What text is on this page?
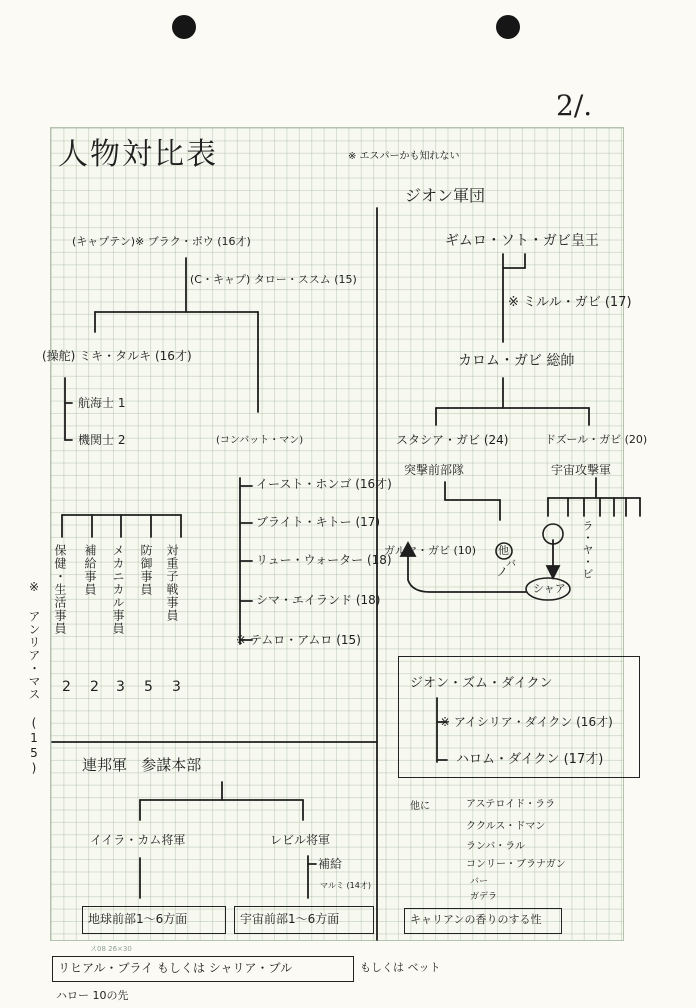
2/.
人物対比表	※ エスパーかも知れない
ジオン軍団
ギムロ・ソト・ガビ皇王
※ ミルル・ガビ (17)
カロム・ガビ 総帥
スタシア・ガビ (24)
突撃前部隊
ドズール・ガビ (20)
宇宙攻撃軍
ガルマ・ガビ (10) 他
ノ
バ	ラ・ヤ・ビ
シャア
(キャプテン)※ ブラク・ボウ (16才)
(C・キャプ) タロー・ススム (15)
(操舵) ミキ・タルキ (16才)
航海士 1
機関士 2	(コンバット・マン)
イースト・ホンゴ (16才)
ブライト・キトー (17)
リュー・ウォーター (18)
シマ・エイランド (18)
※ テムロ・アムロ (15)
保健・生活事員 補給事員 メカニカル事員 防御事員 対重子戦事員
2 2 3 5 3
※ アンリア・マス (15)	ジオン・ズム・ダイクン
※ アイシリア・ダイクン (16才)
ハロム・ダイクン (17才)
他に	アステロイド・ララ
ククルス・ドマン
ランバ・ラル
コンリー・ブラナガン
バー
ガデラ
キャリアンの香りのする性
連邦軍   参謀本部
イイラ・カム将軍	レビル将軍
補給
マルミ (14才)
地球前部1〜6方面	宇宙前部1〜6方面
ス08 26×30
リヒアル・ブライ もしくは シャリア・ブル	もしくは ベット
ハロー 10の先
